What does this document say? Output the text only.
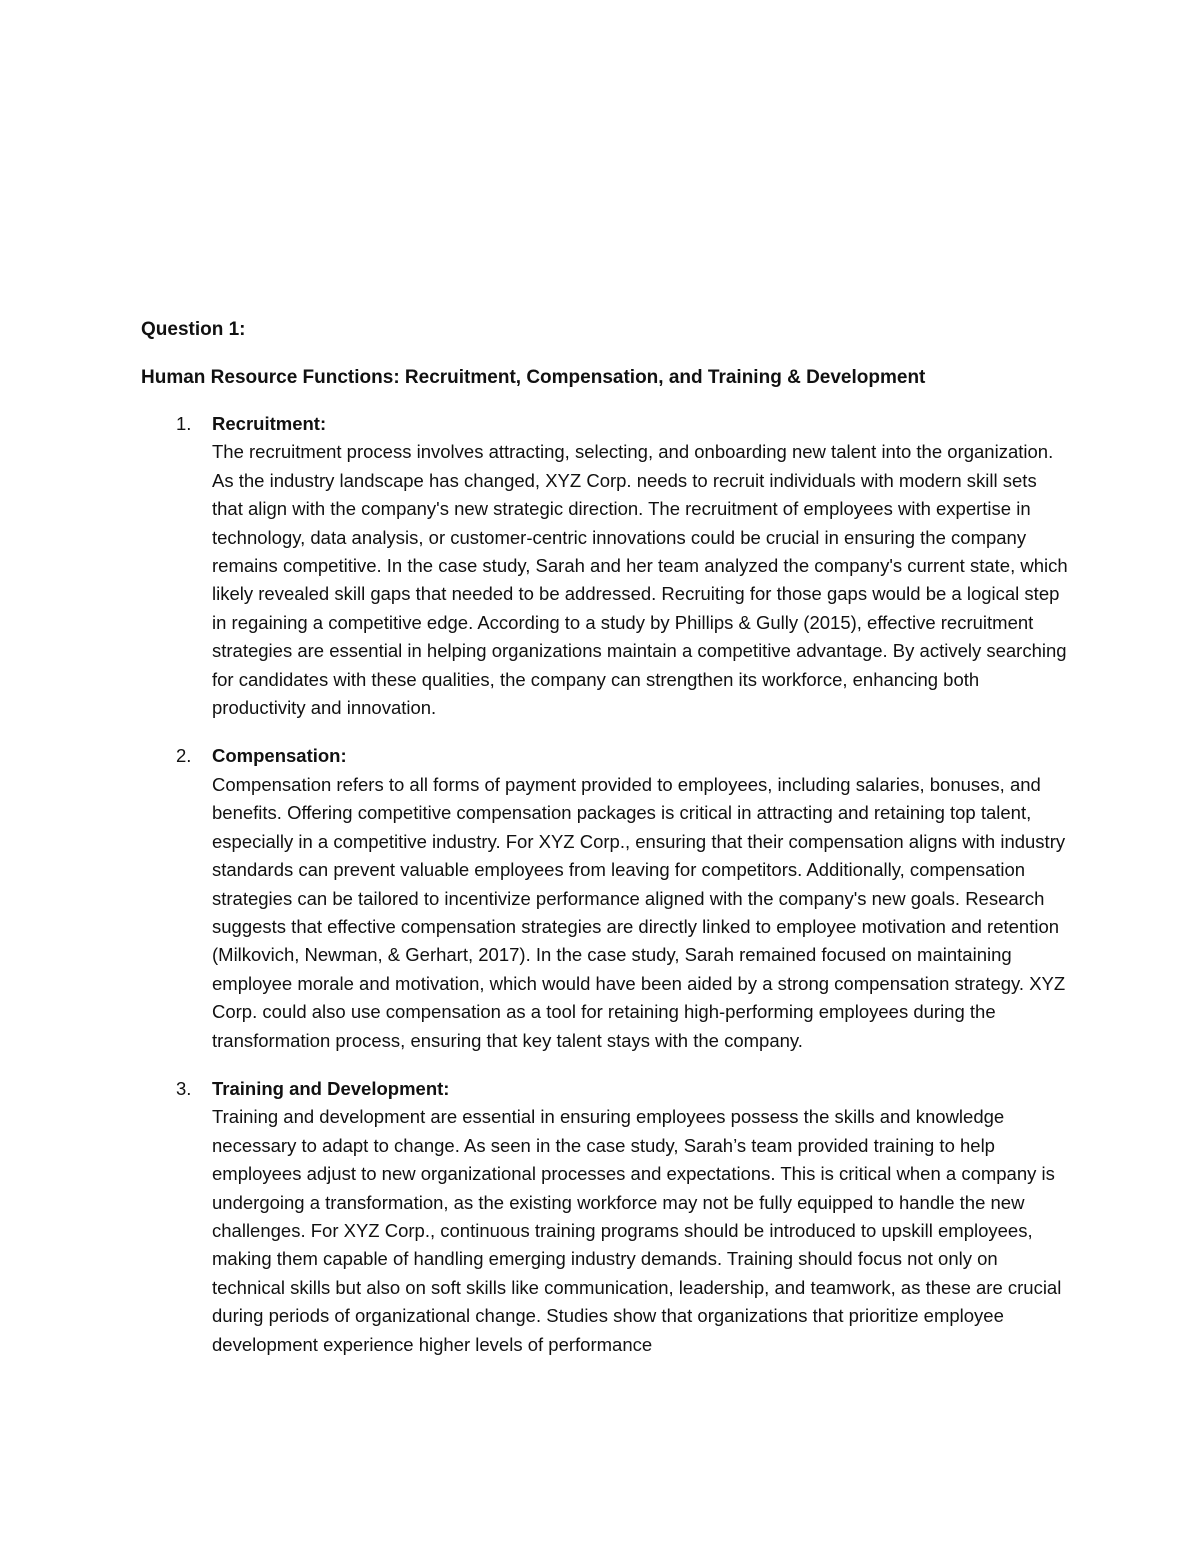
Question 1:
Human Resource Functions: Recruitment, Compensation, and Training & Development
1. Recruitment:

The recruitment process involves attracting, selecting, and onboarding new talent into the organization. As the industry landscape has changed, XYZ Corp. needs to recruit individuals with modern skill sets that align with the company's new strategic direction. The recruitment of employees with expertise in technology, data analysis, or customer-centric innovations could be crucial in ensuring the company remains competitive. In the case study, Sarah and her team analyzed the company's current state, which likely revealed skill gaps that needed to be addressed. Recruiting for those gaps would be a logical step in regaining a competitive edge. According to a study by Phillips & Gully (2015), effective recruitment strategies are essential in helping organizations maintain a competitive advantage. By actively searching for candidates with these qualities, the company can strengthen its workforce, enhancing both productivity and innovation.

2. Compensation:

Compensation refers to all forms of payment provided to employees, including salaries, bonuses, and benefits. Offering competitive compensation packages is critical in attracting and retaining top talent, especially in a competitive industry. For XYZ Corp., ensuring that their compensation aligns with industry standards can prevent valuable employees from leaving for competitors. Additionally, compensation strategies can be tailored to incentivize performance aligned with the company's new goals. Research suggests that effective compensation strategies are directly linked to employee motivation and retention (Milkovich, Newman, & Gerhart, 2017). In the case study, Sarah remained focused on maintaining employee morale and motivation, which would have been aided by a strong compensation strategy. XYZ Corp. could also use compensation as a tool for retaining high-performing employees during the transformation process, ensuring that key talent stays with the company.

3. Training and Development:

Training and development are essential in ensuring employees possess the skills and knowledge necessary to adapt to change. As seen in the case study, Sarah’s team provided training to help employees adjust to new organizational processes and expectations. This is critical when a company is undergoing a transformation, as the existing workforce may not be fully equipped to handle the new challenges. For XYZ Corp., continuous training programs should be introduced to upskill employees, making them capable of handling emerging industry demands. Training should focus not only on technical skills but also on soft skills like communication, leadership, and teamwork, as these are crucial during periods of organizational change. Studies show that organizations that prioritize employee development experience higher levels of performance
